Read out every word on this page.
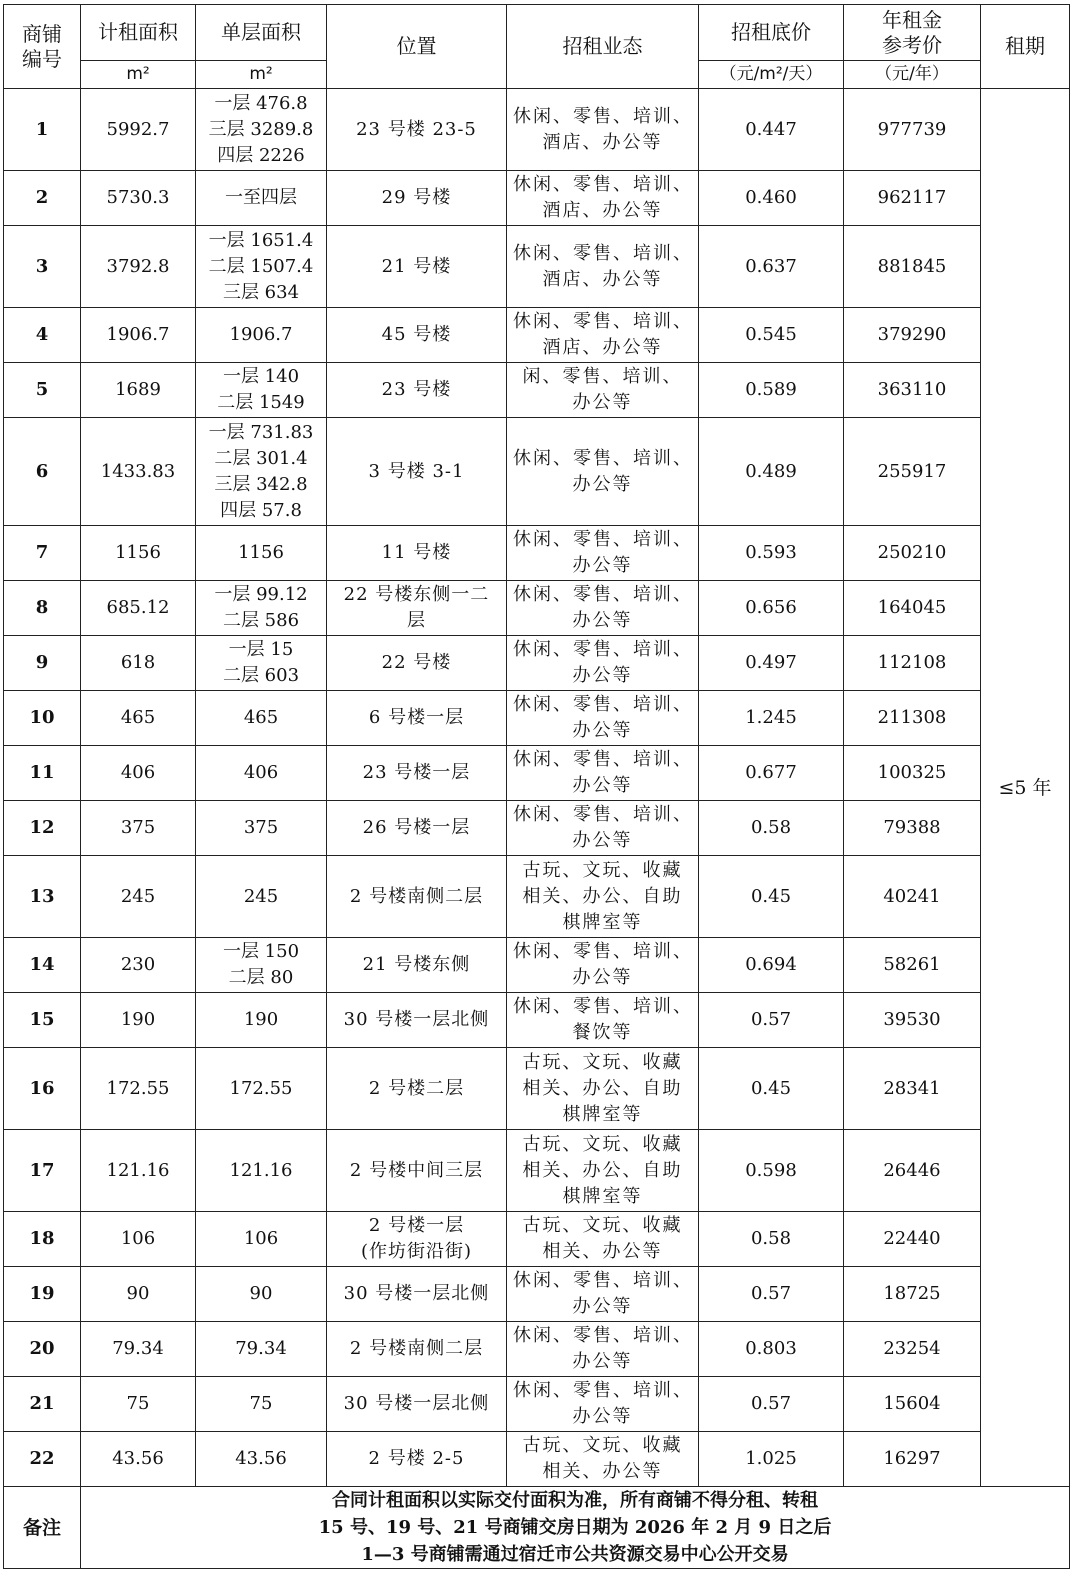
商铺
编号	计租面积	单层面积	位置	招租业态	招租底价	年租金
参考价	租期
	m²	m²			（元/m²/天）	（元/年）	
1	5992.7	一层 476.8
三层 3289.8
四层 2226	23 号楼 23-5	休闲、零售、培训、
酒店、办公等	0.447	977739	≤5 年
2	5730.3	一至四层	29 号楼	休闲、零售、培训、
酒店、办公等	0.460	962117	
3	3792.8	一层 1651.4
二层 1507.4
三层 634	21 号楼	休闲、零售、培训、
酒店、办公等	0.637	881845	
4	1906.7	1906.7	45 号楼	休闲、零售、培训、
酒店、办公等	0.545	379290	
5	1689	一层 140
二层 1549	23 号楼	闲、零售、培训、
办公等	0.589	363110	
6	1433.83	一层 731.83
二层 301.4
三层 342.8
四层 57.8	3 号楼 3-1	休闲、零售、培训、
办公等	0.489	255917	
7	1156	1156	11 号楼	休闲、零售、培训、
办公等	0.593	250210	
8	685.12	一层 99.12
二层 586	22 号楼东侧一二
层	休闲、零售、培训、
办公等	0.656	164045	
9	618	一层 15
二层 603	22 号楼	休闲、零售、培训、
办公等	0.497	112108	
10	465	465	6 号楼一层	休闲、零售、培训、
办公等	1.245	211308	
11	406	406	23 号楼一层	休闲、零售、培训、
办公等	0.677	100325	
12	375	375	26 号楼一层	休闲、零售、培训、
办公等	0.58	79388	
13	245	245	2 号楼南侧二层	古玩、文玩、收藏
相关、办公、自助
棋牌室等	0.45	40241	
14	230	一层 150
二层 80	21 号楼东侧	休闲、零售、培训、
办公等	0.694	58261	
15	190	190	30 号楼一层北侧	休闲、零售、培训、
餐饮等	0.57	39530	
16	172.55	172.55	2 号楼二层	古玩、文玩、收藏
相关、办公、自助
棋牌室等	0.45	28341	
17	121.16	121.16	2 号楼中间三层	古玩、文玩、收藏
相关、办公、自助
棋牌室等	0.598	26446	
18	106	106	2 号楼一层
(作坊街沿街)	古玩、文玩、收藏
相关、办公等	0.58	22440	
19	90	90	30 号楼一层北侧	休闲、零售、培训、
办公等	0.57	18725	
20	79.34	79.34	2 号楼南侧二层	休闲、零售、培训、
办公等	0.803	23254	
21	75	75	30 号楼一层北侧	休闲、零售、培训、
办公等	0.57	15604	
22	43.56	43.56	2 号楼 2-5	古玩、文玩、收藏
相关、办公等	1.025	16297	
备注	合同计租面积以实际交付面积为准，所有商铺不得分租、转租
15 号、19 号、21 号商铺交房日期为 2026 年 2 月 9 日之后
1—3 号商铺需通过宿迁市公共资源交易中心公开交易						
